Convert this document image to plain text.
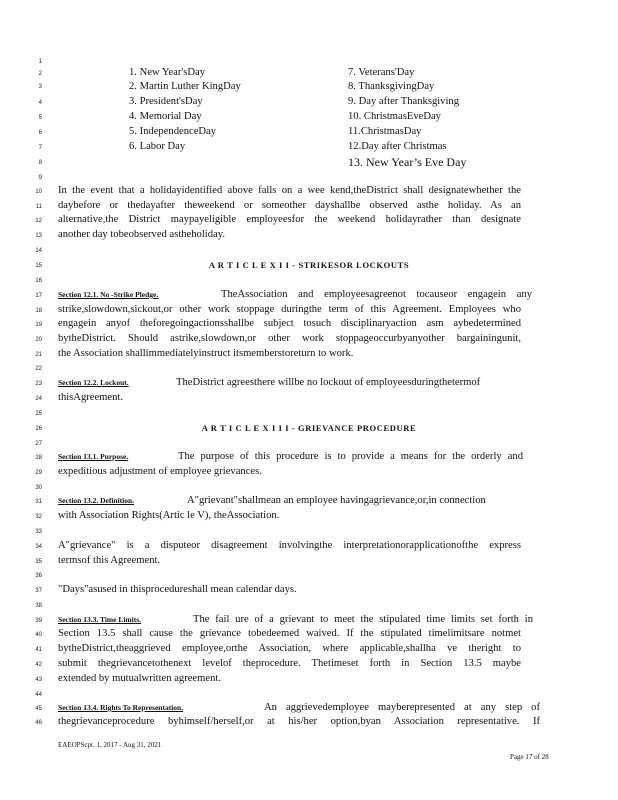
1
2
3
4
5
6
7
8
9
10
11
12
13
14
15
16
17
18
19
20
21
22
23
24
25
26
27
28
29
30
31
32
33
34
35
36
37
38
39
40
41
42
43
44
45
46
1. New Year'sDay
2. Martin Luther KingDay
3. President'sDay
4. Memorial Day
5. IndependenceDay
6. Labor Day
7. Veterans'Day
8. ThanksgivingDay
9. Day after Thanksgiving
10. ChristmasEveDay
11.ChristmasDay
12.Day after Christmas
13. New Year’s Eve Day
In the event that a holidayidentified above falls on a wee kend,theDistrict shall designatewhether the
daybefore or thedayafter theweekend or someother dayshallbe observed asthe holiday. As an
alternative,the District maypayeligible employeesfor the weekend holidayrather than designate
another day tobeobserved astheholiday.
A R T I C L E X I I - STRIKESOR LOCKOUTS
Section 12.1. No -Strike Pledge.	TheAssociation and employeesagreenot tocauseor engagein any
strike,slowdown,sickout,or other work stoppage duringthe term of this Agreement. Employees who
engagein anyof theforegoingactionsshallbe subject tosuch disciplinaryaction asm aybedetermined
bytheDistrict. Should astrike,slowdown,or other work stoppageoccurbyanyother bargainingunit,
the Association shallimmediatelyinstruct itsmemberstoreturn to work.
Section 12.2. Lockout.	TheDistrict agreesthere willbe no lockout of employeesduringthetermof
thisAgreement.
A R T I C L E X I I I - GRIEVANCE PROCEDURE
Section 13.1. Purpose.	The purpose of this procedure is to provide a means for the orderly and
expeditious adjustment of employee grievances.
Section 13.2. Definition.	A"grievant"shallmean an employee havingagrievance,or,in connection
with Association Rights(Artic le V), theAssociation.
A"grievance" is a disputeor disagreement involvingthe interpretationorapplicationofthe express
termsof this Agreement.
"Days"asused in thisprocedureshall mean calendar days.
Section 13.3. Time Limits.	The fail ure of a grievant to meet the stipulated time limits set forth in
Section 13.5 shall cause the grievance tobedeemed waived. If the stipulated timelimitsare notmet
bytheDistrict,theaggrieved employee,orthe Association, where applicable,shallha ve theright to
submit thegrievancetothenext levelof theprocedure. Thetimeset forth in Section 13.5 maybe
extended by mutualwritten agreement.
Section 13.4. Rights To Representation.	An aggrievedemployee mayberepresented at any step of
thegrievanceprocedure byhimself/herself,or at his/her option,byan Association representative. If
EAEOPScpt. 1, 2017 - Aug 31, 2021
Page 17 of 28
